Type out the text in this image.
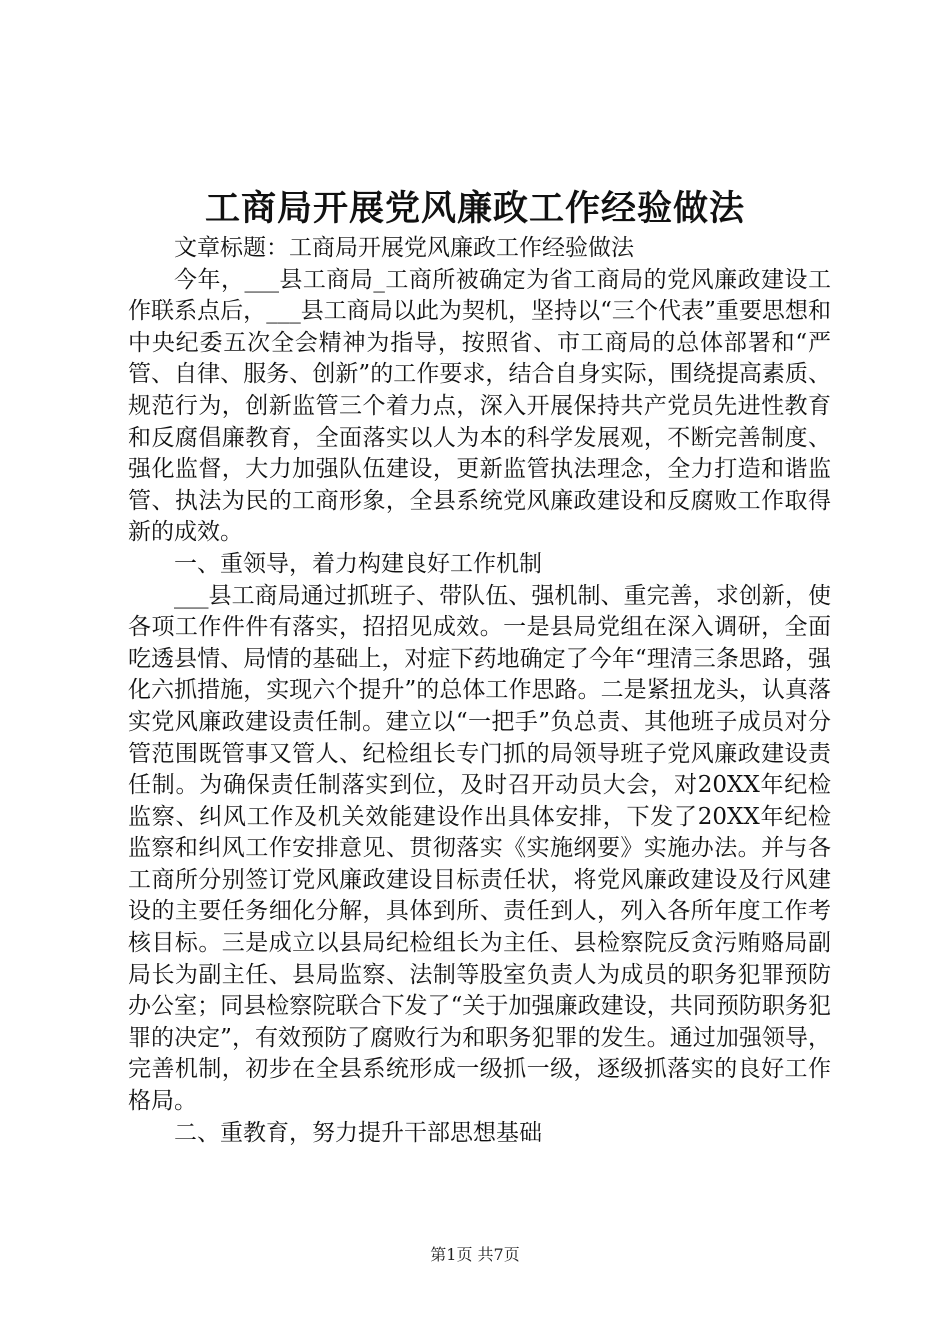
工商局开展党风廉政工作经验做法

文章标题：工商局开展党风廉政工作经验做法

今年，___县工商局_工商所被确定为省工商局的党风廉政建设工作联系点后，___县工商局以此为契机，坚持以“三个代表”重要思想和中央纪委五次全会精神为指导，按照省、市工商局的总体部署和“严管、自律、服务、创新”的工作要求，结合自身实际，围绕提高素质、规范行为，创新监管三个着力点，深入开展保持共产党员先进性教育和反腐倡廉教育，全面落实以人为本的科学发展观，不断完善制度、强化监督，大力加强队伍建设，更新监管执法理念，全力打造和谐监管、执法为民的工商形象，全县系统党风廉政建设和反腐败工作取得新的成效。

一、重领导，着力构建良好工作机制

___县工商局通过抓班子、带队伍、强机制、重完善，求创新，使各项工作件件有落实，招招见成效。一是县局党组在深入调研，全面吃透县情、局情的基础上，对症下药地确定了今年“理清三条思路，强化六抓措施，实现六个提升”的总体工作思路。二是紧扭龙头，认真落实党风廉政建设责任制。建立以“一把手”负总责、其他班子成员对分管范围既管事又管人、纪检组长专门抓的局领导班子党风廉政建设责任制。为确保责任制落实到位，及时召开动员大会，对20XX年纪检监察、纠风工作及机关效能建设作出具体安排，下发了20XX年纪检监察和纠风工作安排意见、贯彻落实《实施纲要》实施办法。并与各工商所分别签订党风廉政建设目标责任状，将党风廉政建设及行风建设的主要任务细化分解，具体到所、责任到人，列入各所年度工作考核目标。三是成立以县局纪检组长为主任、县检察院反贪污贿赂局副局长为副主任、县局监察、法制等股室负责人为成员的职务犯罪预防办公室；同县检察院联合下发了“关于加强廉政建设，共同预防职务犯罪的决定”，有效预防了腐败行为和职务犯罪的发生。通过加强领导，完善机制，初步在全县系统形成一级抓一级，逐级抓落实的良好工作格局。

二、重教育，努力提升干部思想基础

第1页 共7页
